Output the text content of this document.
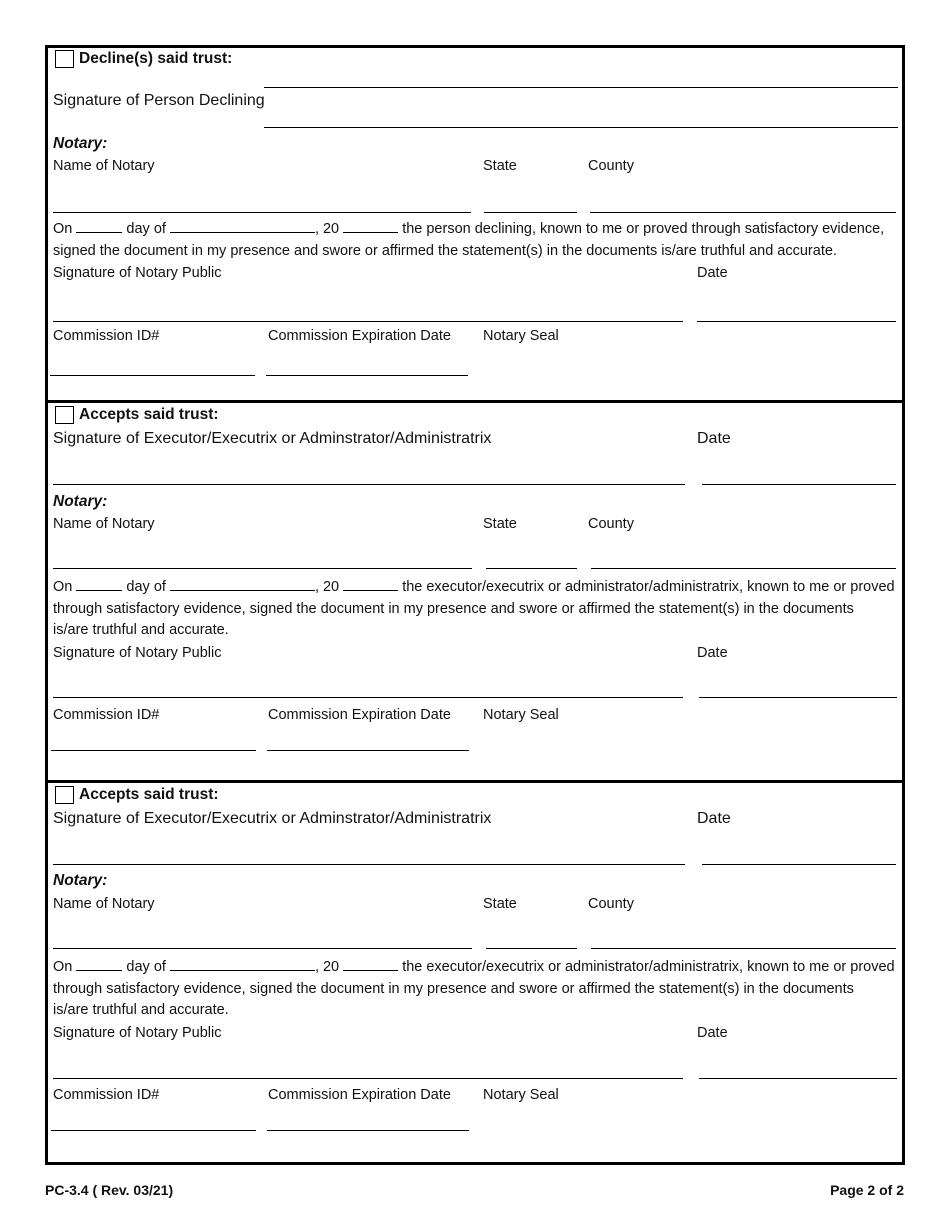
Decline(s) said trust:
Signature of Person Declining
Notary:
Name of Notary	State	County
On	day of	, 20	the person declining, known to me or proved through satisfactory evidence,
signed the document in my presence and swore or affirmed the statement(s) in the documents is/are truthful and accurate.
Signature of Notary Public	Date
Commission ID#	Commission Expiration Date Notary Seal
Accepts said trust:
Signature of Executor/Executrix or Adminstrator/Administratrix	Date
Notary:
Name of Notary	State	County
On	day of	, 20	the executor/executrix or administrator/administratrix, known to me or proved
through satisfactory evidence, signed the document in my presence and swore or affirmed the statement(s) in the documents is/are truthful and accurate.
Signature of Notary Public	Date
Commission ID#	Commission Expiration Date Notary Seal
Accepts said trust:
Signature of Executor/Executrix or Adminstrator/Administratrix	Date
Notary:
Name of Notary	State	County
On	day of	, 20	the executor/executrix or administrator/administratrix, known to me or proved
through satisfactory evidence, signed the document in my presence and swore or affirmed the statement(s) in the documents is/are truthful and accurate.
Signature of Notary Public	Date
Commission ID#	Commission Expiration Date Notary Seal
PC-3.4 ( Rev. 03/21)	Page 2 of 2
